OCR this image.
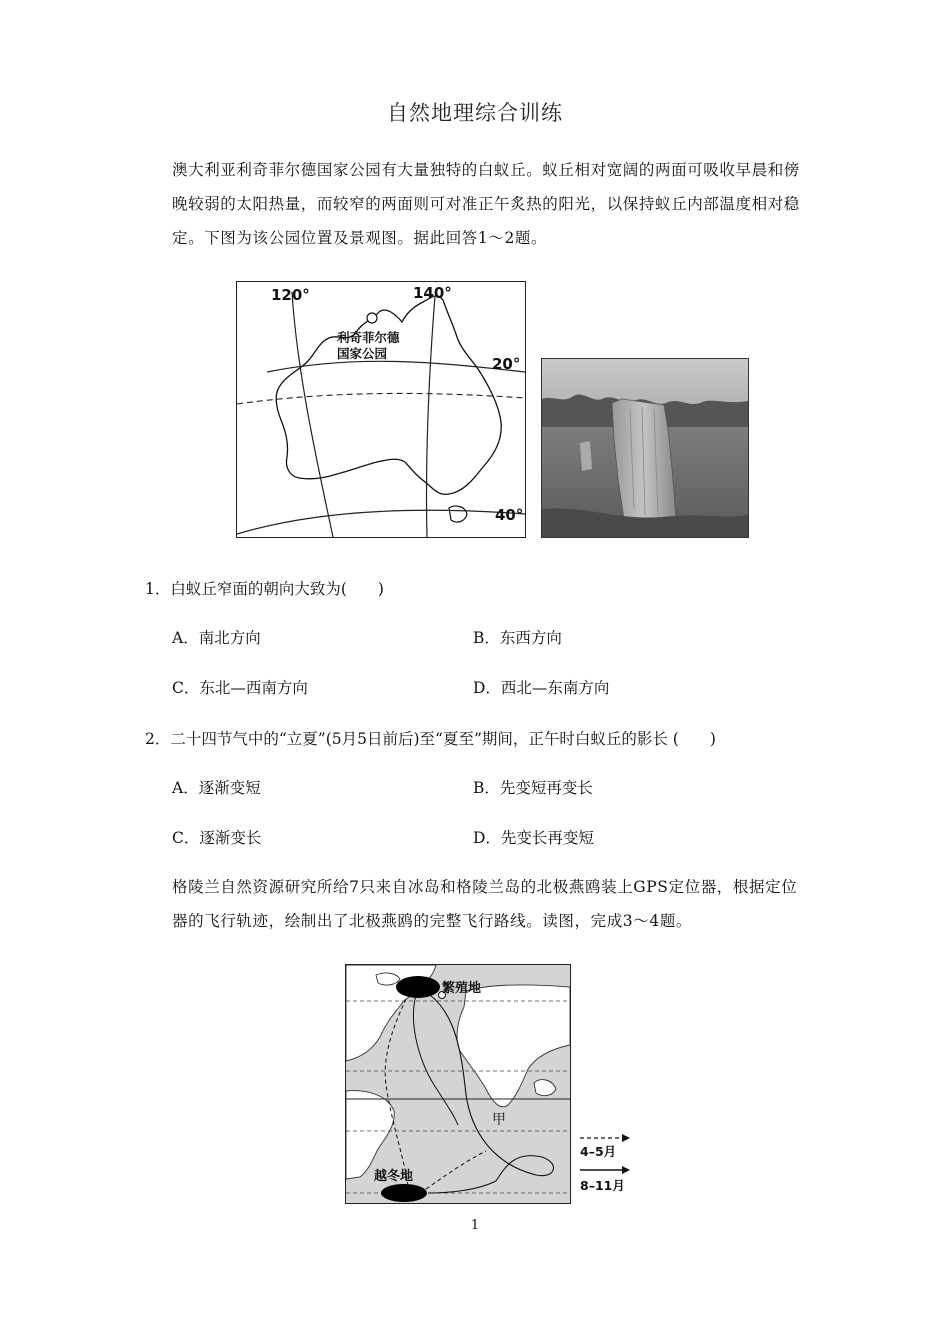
自然地理综合训练
澳大利亚利奇菲尔德国家公园有大量独特的白蚁丘。蚁丘相对宽阔的两面可吸收早晨和傍晚较弱的太阳热量，而较窄的两面则可对准正午炙热的阳光，以保持蚁丘内部温度相对稳定。下图为该公园位置及景观图。据此回答1～2题。
120°	140°
20°
40°
利奇菲尔德
国家公园
1．白蚁丘窄面的朝向大致为(　　)
A．南北方向	B．东西方向
C．东北—西南方向	D．西北—东南方向
2．二十四节气中的“立夏”(5月5日前后)至“夏至”期间，正午时白蚁丘的影长 (　　)
A．逐渐变短	B．先变短再变长
C．逐渐变长	D．先变长再变短
格陵兰自然资源研究所给7只来自冰岛和格陵兰岛的北极燕鸥装上GPS定位器，根据定位器的飞行轨迹，绘制出了北极燕鸥的完整飞行路线。读图，完成3～4题。
繁殖地
越冬地
甲
4–5月
8–11月
1
